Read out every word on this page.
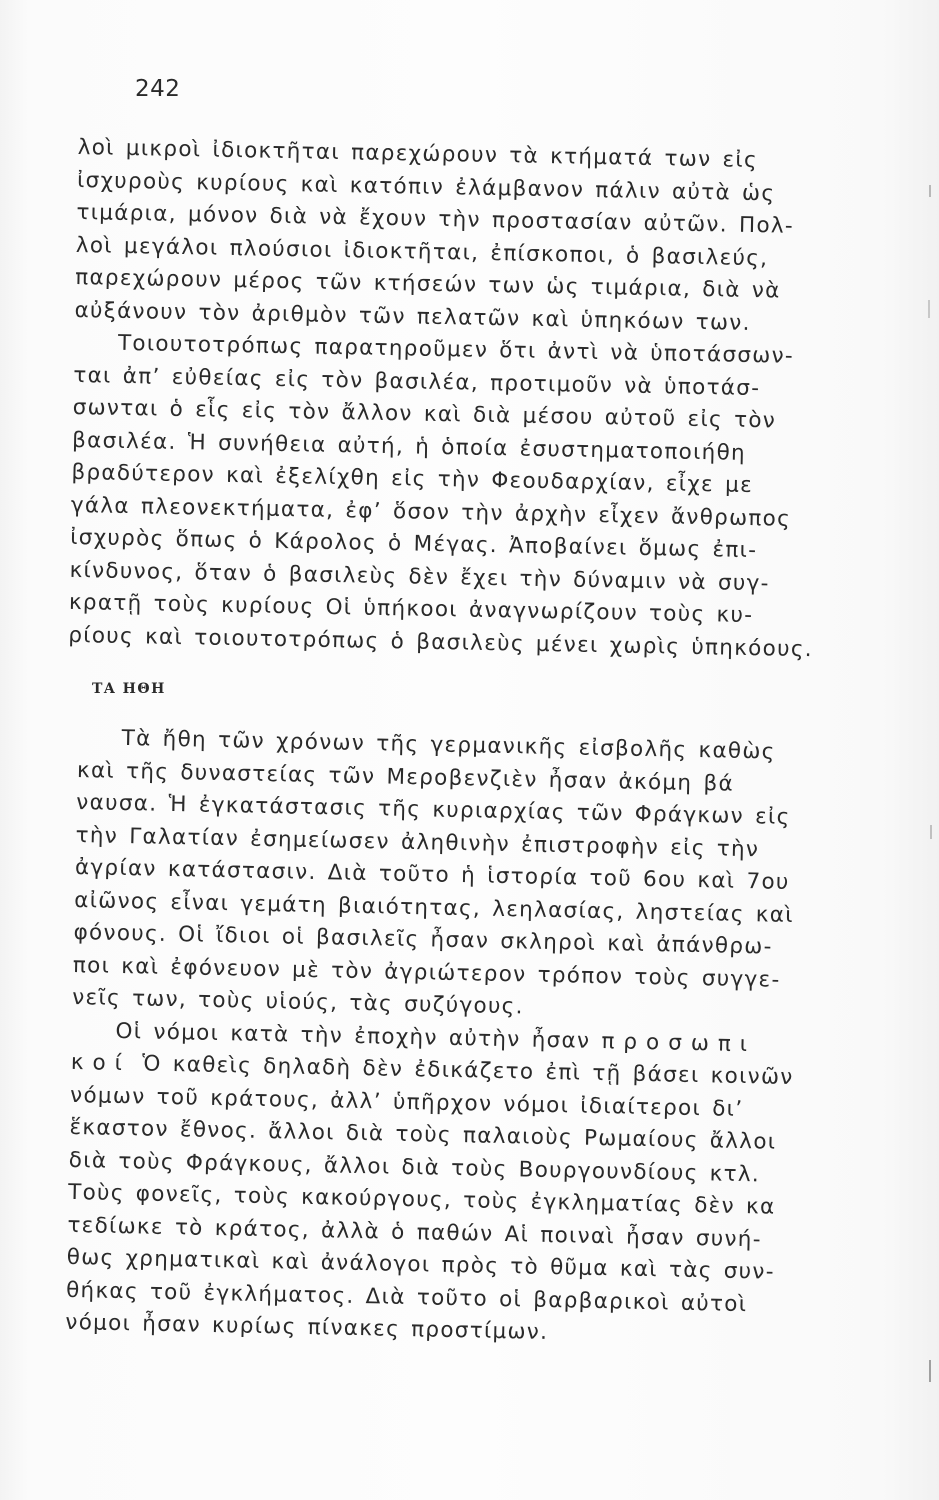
242
λοὶ μικροὶ ἰδιοκτῆται παρεχώρουν τὰ κτήματά των εἰς
ἰσχυροὺς κυρίους καὶ κατόπιν ἐλάμβανον πάλιν αὐτὰ ὡς
τιμάρια, μόνον διὰ νὰ ἔχουν τὴν προστασίαν αὐτῶν. Πολ-
λοὶ μεγάλοι πλούσιοι ἰδιοκτῆται, ἐπίσκοποι, ὁ βασιλεύς,
παρεχώρουν μέρος τῶν κτήσεών των ὡς τιμάρια, διὰ νὰ
αὐξάνουν τὸν ἀριθμὸν τῶν πελατῶν καὶ ὑπηκόων των.
Τοιουτοτρόπως παρατηροῦμεν ὅτι ἀντὶ νὰ ὑποτάσσων-
ται ἀπ’ εὐθείας εἰς τὸν βασιλέα, προτιμοῦν νὰ ὑποτάσ-
σωνται ὁ εἷς εἰς τὸν ἄλλον καὶ διὰ μέσου αὐτοῦ εἰς τὸν
βασιλέα. Ἡ συνήθεια αὐτή, ἡ ὁποία ἐσυστηματοποιήθη
βραδύτερον καὶ ἐξελίχθη εἰς τὴν Φεουδαρχίαν, εἶχε με
γάλα πλεονεκτήματα, ἐφ’ ὅσον τὴν ἀρχὴν εἶχεν ἄνθρωπος
ἰσχυρὸς ὅπως ὁ Κάρολος ὁ Μέγας. Ἀποβαίνει ὅμως ἐπι-
κίνδυνος, ὅταν ὁ βασιλεὺς δὲν ἔχει τὴν δύναμιν νὰ συγ-
κρατῇ τοὺς κυρίους Οἱ ὑπήκοοι ἀναγνωρίζουν τοὺς κυ-
ρίους καὶ τοιουτοτρόπως ὁ βασιλεὺς μένει χωρὶς ὑπηκόους.
ΤΑ ΗΘΗ
Τὰ ἤθη τῶν χρόνων τῆς γερμανικῆς εἰσβολῆς καθὼς
καὶ τῆς δυναστείας τῶν Μεροβενζιὲν ἦσαν ἀκόμη βά
ναυσα. Ἡ ἐγκατάστασις τῆς κυριαρχίας τῶν Φράγκων εἰς
τὴν Γαλατίαν ἐσημείωσεν ἀληθινὴν ἐπιστροφὴν εἰς τὴν
ἀγρίαν κατάστασιν. Διὰ τοῦτο ἡ ἱστορία τοῦ 6ου καὶ 7ου
αἰῶνος εἶναι γεμάτη βιαιότητας, λεηλασίας, ληστείας καὶ
φόνους. Οἱ ἴδιοι οἱ βασιλεῖς ἦσαν σκληροὶ καὶ ἀπάνθρω-
ποι καὶ ἐφόνευον μὲ τὸν ἀγριώτερον τρόπον τοὺς συγγε-
νεῖς των, τοὺς υἱούς, τὰς συζύγους.
Οἱ νόμοι κατὰ τὴν ἐποχὴν αὐτὴν ἦσαν προσωπι
κοί Ὁ καθεὶς δηλαδὴ δὲν ἐδικάζετο ἐπὶ τῇ βάσει κοινῶν
νόμων τοῦ κράτους, ἀλλ’ ὑπῆρχον νόμοι ἰδιαίτεροι δι’
ἕκαστον ἔθνος. ἄλλοι διὰ τοὺς παλαιοὺς Ρωμαίους ἄλλοι
διὰ τοὺς Φράγκους, ἄλλοι διὰ τοὺς Βουργουνδίους κτλ.
Τοὺς φονεῖς, τοὺς κακούργους, τοὺς ἐγκληματίας δὲν κα
τεδίωκε τὸ κράτος, ἀλλὰ ὁ παθών Αἱ ποιναὶ ἦσαν συνή-
θως χρηματικαὶ καὶ ἀνάλογοι πρὸς τὸ θῦμα καὶ τὰς συν-
θήκας τοῦ ἐγκλήματος. Διὰ τοῦτο οἱ βαρβαρικοὶ αὐτοὶ
νόμοι ἦσαν κυρίως πίνακες προστίμων.
